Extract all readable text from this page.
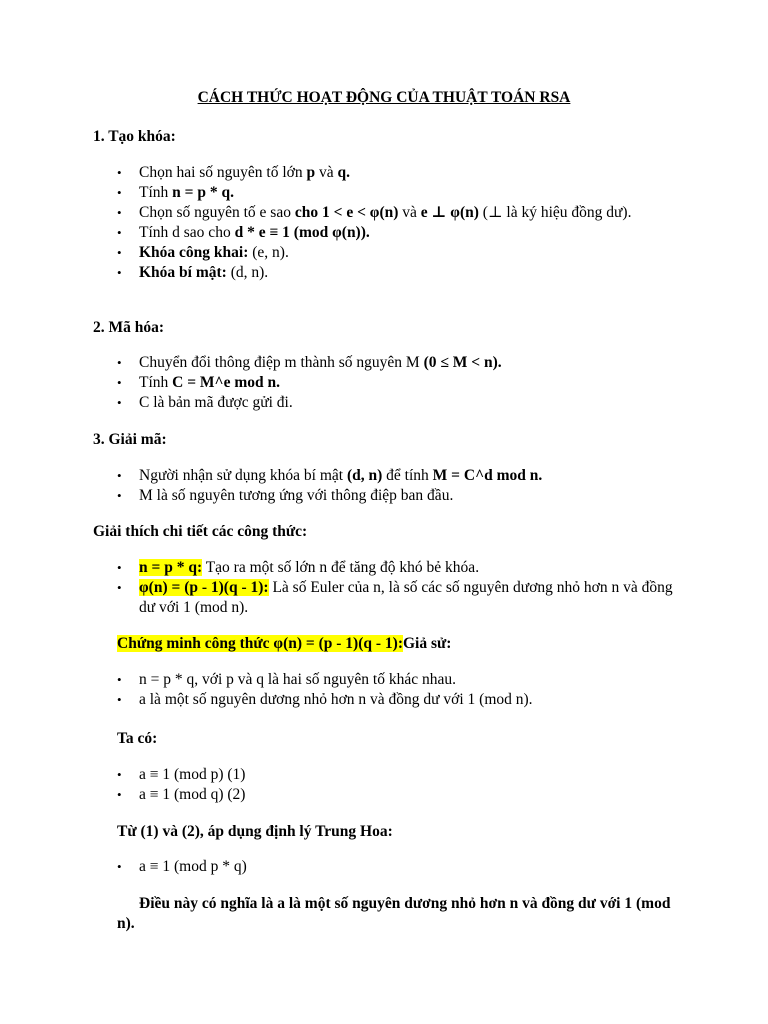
CÁCH THỨC HOẠT ĐỘNG CỦA THUẬT TOÁN RSA
1. Tạo khóa:
• Chọn hai số nguyên tố lớn p và q.
• Tính n = p * q.
• Chọn số nguyên tố e sao cho 1 < e < φ(n) và e ⊥ φ(n) (⊥ là ký hiệu đồng dư).
• Tính d sao cho d * e ≡ 1 (mod φ(n)).
• Khóa công khai: (e, n).
• Khóa bí mật: (d, n).
2. Mã hóa:
• Chuyển đổi thông điệp m thành số nguyên M (0 ≤ M < n).
• Tính C = M^e mod n.
• C là bản mã được gửi đi.
3. Giải mã:
• Người nhận sử dụng khóa bí mật (d, n) để tính M = C^d mod n.
• M là số nguyên tương ứng với thông điệp ban đầu.
Giải thích chi tiết các công thức:
• n = p * q: Tạo ra một số lớn n để tăng độ khó bẻ khóa.
• φ(n) = (p - 1)(q - 1): Là số Euler của n, là số các số nguyên dương nhỏ hơn n và đồng dư với 1 (mod n).
Chứng minh công thức φ(n) = (p - 1)(q - 1):Giả sử:
• n = p * q, với p và q là hai số nguyên tố khác nhau.
• a là một số nguyên dương nhỏ hơn n và đồng dư với 1 (mod n).
Ta có:
• a ≡ 1 (mod p) (1)
• a ≡ 1 (mod q) (2)
Từ (1) và (2), áp dụng định lý Trung Hoa:
• a ≡ 1 (mod p * q)
Điều này có nghĩa là a là một số nguyên dương nhỏ hơn n và đồng dư với 1 (mod n).
